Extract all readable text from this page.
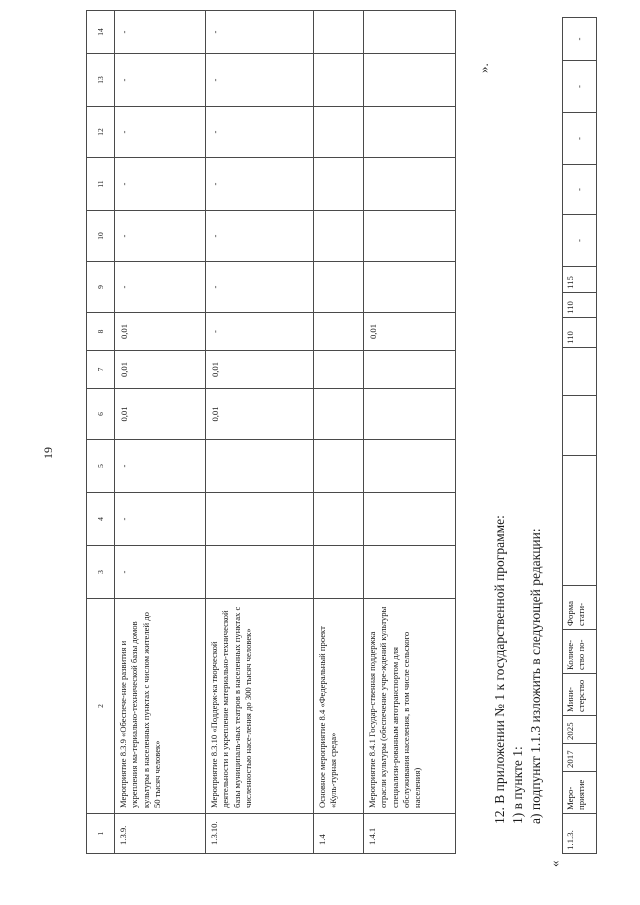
19
1	2	3	4	5	6	7	8	9	10	11	12	13	14

1.3.9.	Мероприятие 8.3.9 «Обеспече-ние развития и укрепления ма-териально-технической базы домов культуры в населенных пунктах с числом жителей до 50 тысяч человек»	-	-	-	0,01	0,01	0,01	-	-	-	-	-	-

1.3.10.	Мероприятие 8.3.10 «Поддерж-ка творческой деятельности и укрепление материально-технической базы муниципаль-ных театров в населенных пунктах с численностью насе-ления до 300 тысяч человек»				0,01	0,01	-	-	-	-	-	-	-

1.4	Основное мероприятие 8.4 «Федеральный проект «Куль-турная среда»												

1.4.1	Мероприятие 8.4.1 Государ-ственная поддержка отрасли культуры (обеспечение учре-ждений культуры специализи-рованным автотранспортом для обслуживания населения, в том числе сельского населения)						0,01						

».
12. В приложении № 1 к государственной программе: 1) в пункте 1: а) подпункт 1.1.3 изложить в следующей редакции:
«
1.1.3.	Меро-приятие	2017	2025	Мини-стерство	Количе-ство по-	Форма стати-				110	110	115	-	-	-	-	-
